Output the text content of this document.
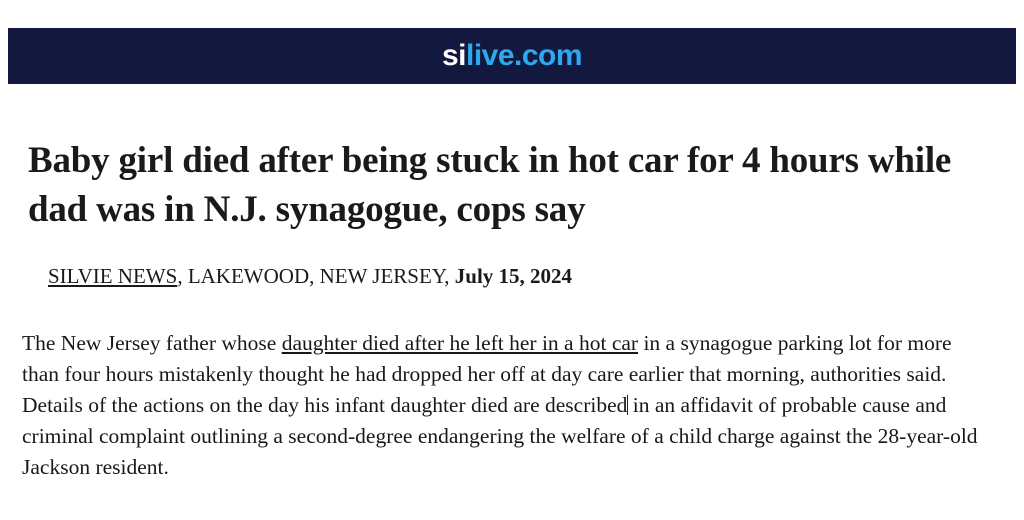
silive.com
Baby girl died after being stuck in hot car for 4 hours while dad was in N.J. synagogue, cops say
SILVIE NEWS, LAKEWOOD, NEW JERSEY, July 15, 2024

The New Jersey father whose daughter died after he left her in a hot car in a synagogue parking lot for more than four hours mistakenly thought he had dropped her off at day care earlier that morning, authorities said.

Details of the actions on the day his infant daughter died are described in an affidavit of probable cause and criminal complaint outlining a second-degree endangering the welfare of a child charge against the 28-year-old Jackson resident.
